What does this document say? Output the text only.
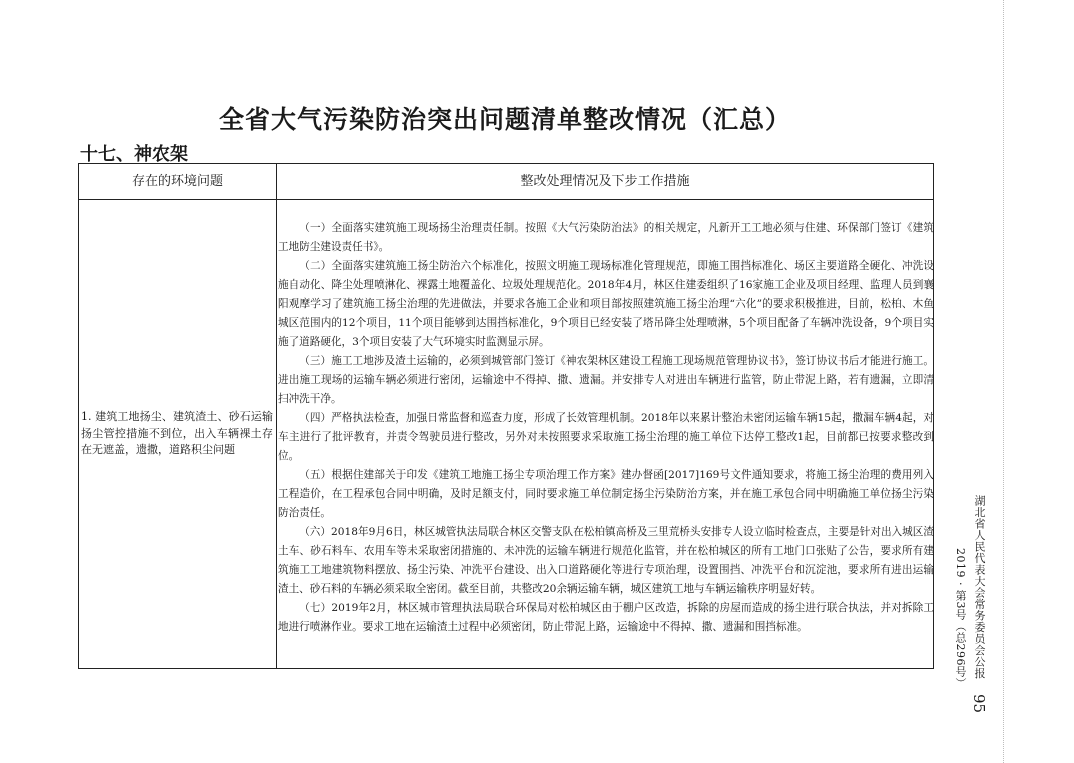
全省大气污染防治突出问题清单整改情况（汇总）
十七、神农架
存在的环境问题	整改处理情况及下步工作措施
1. 建筑工地扬尘、建筑渣土、砂石运输扬尘管控措施不到位，出入车辆裸土存在无遮盖，遗撒，道路积尘问题

（一）全面落实建筑施工现场扬尘治理责任制。按照《大气污染防治法》的相关规定，凡新开工工地必须与住建、环保部门签订《建筑工地防尘建设责任书》。

（二）全面落实建筑施工扬尘防治六个标准化，按照文明施工现场标准化管理规范，即施工围挡标准化、场区主要道路全硬化、冲洗设施自动化、降尘处理喷淋化、裸露土地覆盖化、垃圾处理规范化。2018年4月，林区住建委组织了16家施工企业及项目经理、监理人员到襄阳观摩学习了建筑施工扬尘治理的先进做法，并要求各施工企业和项目部按照建筑施工扬尘治理“六化”的要求积极推进，目前，松柏、木鱼城区范围内的12个项目，11个项目能够到达围挡标准化，9个项目已经安装了塔吊降尘处理喷淋，5个项目配备了车辆冲洗设备，9个项目实施了道路硬化，3个项目安装了大气环境实时监测显示屏。

（三）施工工地涉及渣土运输的，必须到城管部门签订《神农架林区建设工程施工现场规范管理协议书》，签订协议书后才能进行施工。进出施工现场的运输车辆必须进行密闭，运输途中不得掉、撒、遗漏。并安排专人对进出车辆进行监管，防止带泥上路，若有遗漏，立即清扫冲洗干净。

（四）严格执法检查，加强日常监督和巡查力度，形成了长效管理机制。2018年以来累计整治未密闭运输车辆15起，撒漏车辆4起，对车主进行了批评教育，并责令驾驶员进行整改，另外对未按照要求采取施工扬尘治理的施工单位下达停工整改1起，目前都已按要求整改到位。

（五）根据住建部关于印发《建筑工地施工扬尘专项治理工作方案》建办督函[2017]169号文件通知要求，将施工扬尘治理的费用列入工程造价，在工程承包合同中明确，及时足额支付，同时要求施工单位制定扬尘污染防治方案，并在施工承包合同中明确施工单位扬尘污染防治责任。

（六）2018年9月6日，林区城管执法局联合林区交警支队在松柏镇高桥及三里荒桥头安排专人设立临时检查点，主要是针对出入城区渣土车、砂石料车、农用车等未采取密闭措施的、未冲洗的运输车辆进行规范化监管，并在松柏城区的所有工地门口张贴了公告，要求所有建筑施工工地建筑物料摆放、扬尘污染、冲洗平台建设、出入口道路硬化等进行专项治理，设置围挡、冲洗平台和沉淀池，要求所有进出运输渣土、砂石料的车辆必须采取全密闭。截至目前，共整改20余辆运输车辆，城区建筑工地与车辆运输秩序明显好转。

（七）2019年2月，林区城市管理执法局联合环保局对松柏城区由于棚户区改造，拆除的房屋而造成的扬尘进行联合执法，并对拆除工地进行喷淋作业。要求工地在运输渣土过程中必须密闭，防止带泥上路，运输途中不得掉、撒、遗漏和围挡标准。	湖北省人民代表大会常务委员会公报
2019 · 第3号（总296号）
95
